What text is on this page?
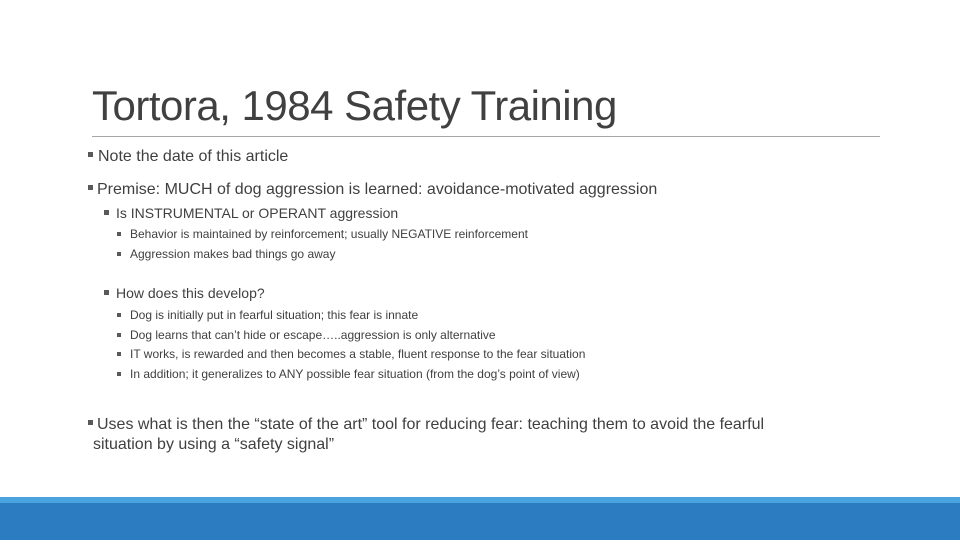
Tortora, 1984 Safety Training
Note the date of this article
Premise: MUCH of dog aggression is learned: avoidance-motivated aggression
Is INSTRUMENTAL or OPERANT aggression
Behavior is maintained by reinforcement; usually NEGATIVE reinforcement
Aggression makes bad things go away
How does this develop?
Dog is initially put in fearful situation; this fear is innate
Dog learns that can’t hide or escape…..aggression is only alternative
IT works, is rewarded and then becomes a stable, fluent response to the fear situation
In addition; it generalizes to ANY possible fear situation (from the dog’s point of view)
Uses what is then the “state of the art” tool for reducing fear: teaching them to avoid the fearful
situation by using a “safety signal”
